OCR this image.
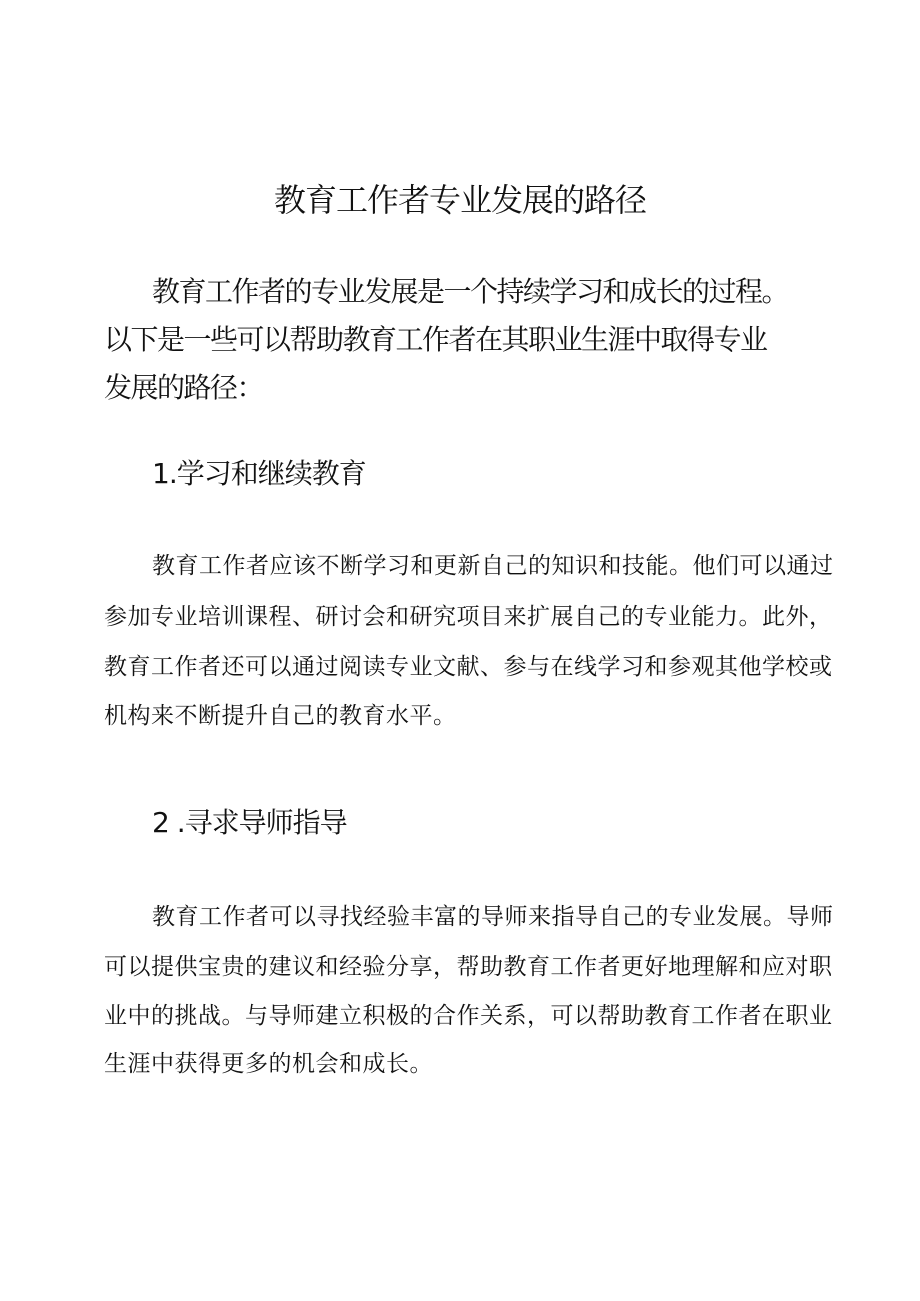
教育工作者专业发展的路径
教育工作者的专业发展是一个持续学习和成长的过程。
以下是一些可以帮助教育工作者在其职业生涯中取得专业
发展的路径：
1.学习和继续教育
教育工作者应该不断学习和更新自己的知识和技能。他们可以通过
参加专业培训课程、研讨会和研究项目来扩展自己的专业能力。此外，
教育工作者还可以通过阅读专业文献、参与在线学习和参观其他学校或
机构来不断提升自己的教育水平。
2 .寻求导师指导
教育工作者可以寻找经验丰富的导师来指导自己的专业发展。导师
可以提供宝贵的建议和经验分享，帮助教育工作者更好地理解和应对职
业中的挑战。与导师建立积极的合作关系，可以帮助教育工作者在职业
生涯中获得更多的机会和成长。
